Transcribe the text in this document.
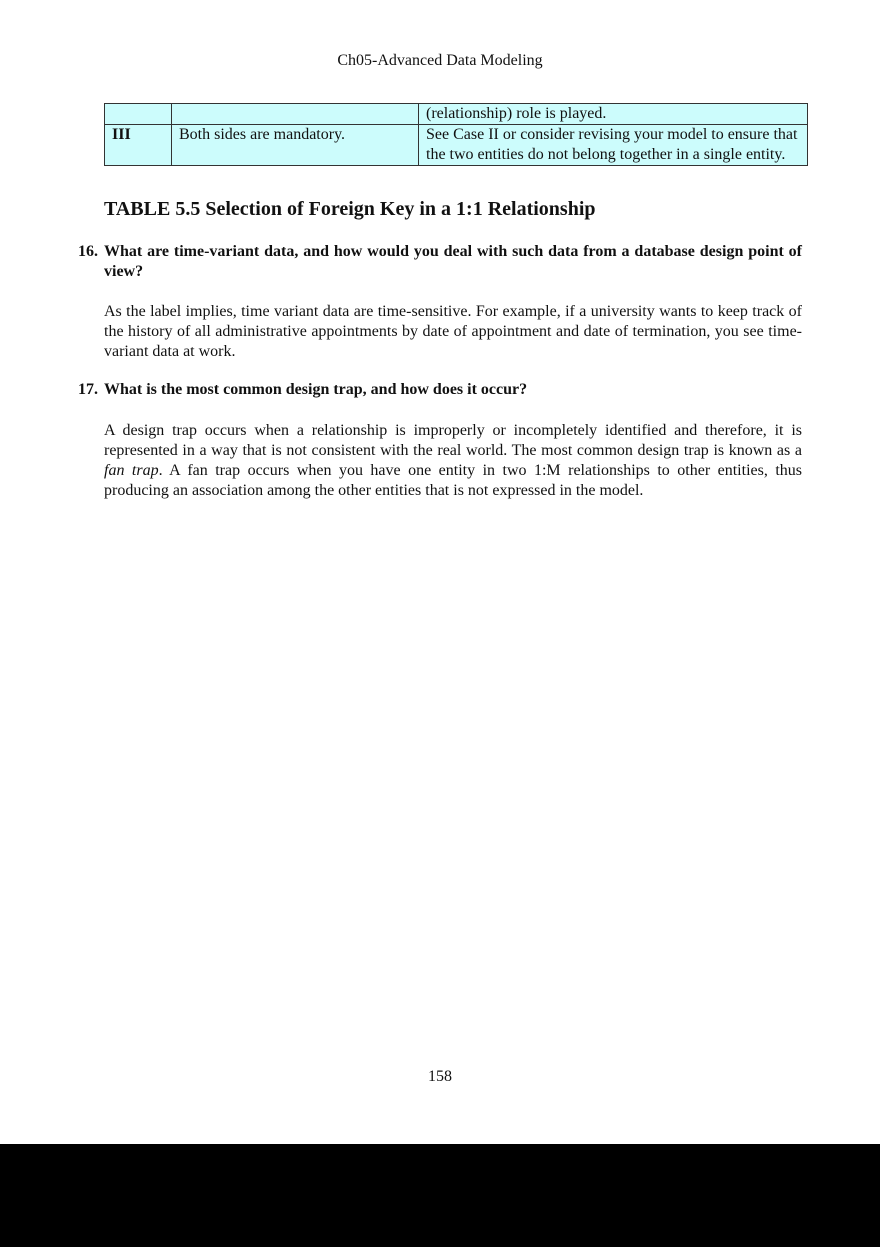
Ch05-Advanced Data Modeling
		(relationship) role is played.
III	Both sides are mandatory.	See Case II or consider revising your model to ensure that the two entities do not belong together in a single entity.
TABLE 5.5 Selection of Foreign Key in a 1:1 Relationship
16. What are time-variant data, and how would you deal with such data from a database design point of view?
As the label implies, time variant data are time-sensitive. For example, if a university wants to keep track of the history of all administrative appointments by date of appointment and date of termination, you see time-variant data at work.
17. What is the most common design trap, and how does it occur?
A design trap occurs when a relationship is improperly or incompletely identified and therefore, it is represented in a way that is not consistent with the real world. The most common design trap is known as a fan trap. A fan trap occurs when you have one entity in two 1:M relationships to other entities, thus producing an association among the other entities that is not expressed in the model.
158
